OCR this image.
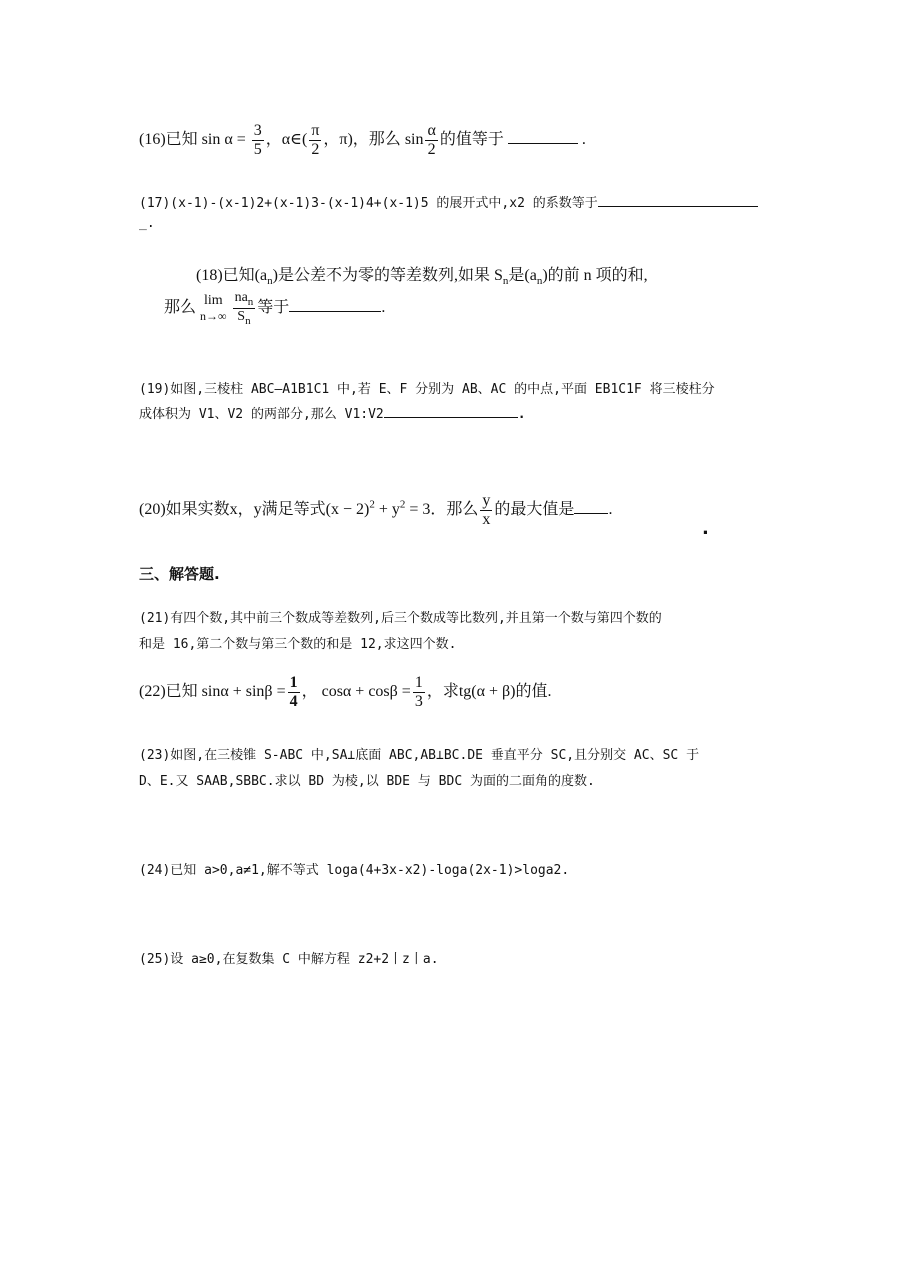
(16)已知 $\sin \alpha = \frac{3}{5}$ ，α∈( $\frac{\pi}{2}$ ，π)，那么 $\sin \frac{\alpha}{2}$ 的值等于	.
(17)(x-1)-(x-1)2+(x-1)3-(x-1)4+(x-1)5 的展开式中,x2 的系数等于
_.
(18)已知$(a_n)$是公差不为零的等差数列,如果 $S_n$是$(a_n)$的前 n 项的和,
那么 lim
n→∞
$\frac{na_n}{S_n}$ 等于	.
(19)如图,三棱柱 ABC—A1B1C1 中,若 E、F 分别为 AB、AC 的中点,平面 EB1C1F 将三棱柱分
成体积为 V1、V2 的两部分,那么 V1:V2	.
(20)如果实数x，y满足等式$(x - 2)^2 + y^2 = 3$．那么 $\frac{y}{x}$ 的最大值是 .
.
三、解答题.
(21)有四个数,其中前三个数成等差数列,后三个数成等比数列,并且第一个数与第四个数的
和是 16,第二个数与第三个数的和是 12,求这四个数.
(22)已知 $\sin\alpha + \sin\beta = \frac{1}{4}$ ， $\cos\alpha + \cos\beta = \frac{1}{3}$ ，求tg(α + β)的值.
(23)如图,在三棱锥 S-ABC 中,SA⊥底面 ABC,AB⊥BC.DE 垂直平分 SC,且分别交 AC、SC 于
D、E.又 SAAB,SBBC.求以 BD 为棱,以 BDE 与 BDC 为面的二面角的度数.
(24)已知 a>0,a≠1,解不等式 loga(4+3x-x2)-loga(2x-1)>loga2.
(25)设 a≥0,在复数集 C 中解方程 z2+2丨z丨a.
